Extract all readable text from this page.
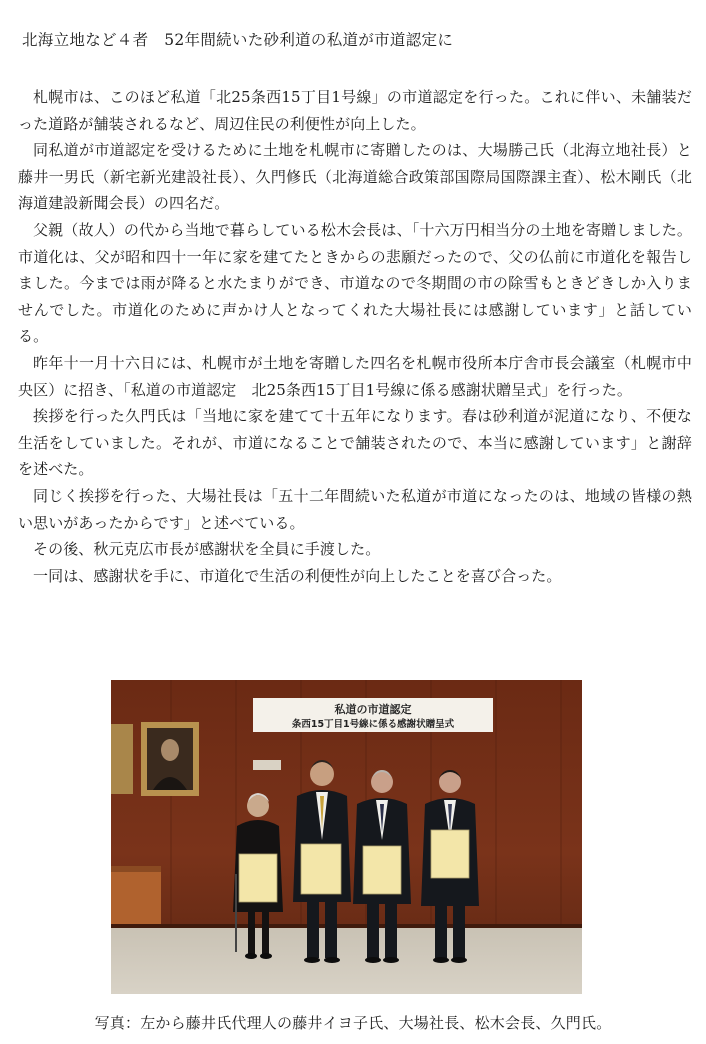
北海立地など４者　52年間続いた砂利道の私道が市道認定に

札幌市は、このほど私道「北25条西15丁目1号線」の市道認定を行った。これに伴い、未舗装だった道路が舗装されるなど、周辺住民の利便性が向上した。

同私道が市道認定を受けるために土地を札幌市に寄贈したのは、大場勝己氏（北海立地社長）と藤井一男氏（新宅新光建設社長）、久門修氏（北海道総合政策部国際局国際課主査）、松木剛氏（北海道建設新聞会長）の四名だ。

父親（故人）の代から当地で暮らしている松木会長は、「十六万円相当分の土地を寄贈しました。市道化は、父が昭和四十一年に家を建てたときからの悲願だったので、父の仏前に市道化を報告しました。今までは雨が降ると水たまりができ、市道なので冬期間の市の除雪もときどきしか入りませんでした。市道化のために声かけ人となってくれた大場社長には感謝しています」と話している。

昨年十一月十六日には、札幌市が土地を寄贈した四名を札幌市役所本庁舎市長会議室（札幌市中央区）に招き、「私道の市道認定　北25条西15丁目1号線に係る感謝状贈呈式」を行った。

挨拶を行った久門氏は「当地に家を建てて十五年になります。春は砂利道が泥道になり、不便な生活をしていました。それが、市道になることで舗装されたので、本当に感謝しています」と謝辞を述べた。

同じく挨拶を行った、大場社長は「五十二年間続いた私道が市道になったのは、地域の皆様の熱い思いがあったからです」と述べている。

その後、秋元克広市長が感謝状を全員に手渡した。

一同は、感謝状を手に、市道化で生活の利便性が向上したことを喜び合った。

私道の市道認定
条西15丁目1号線に係る感謝状贈呈式
写真：左から藤井氏代理人の藤井イヨ子氏、大場社長、松木会長、久門氏。
